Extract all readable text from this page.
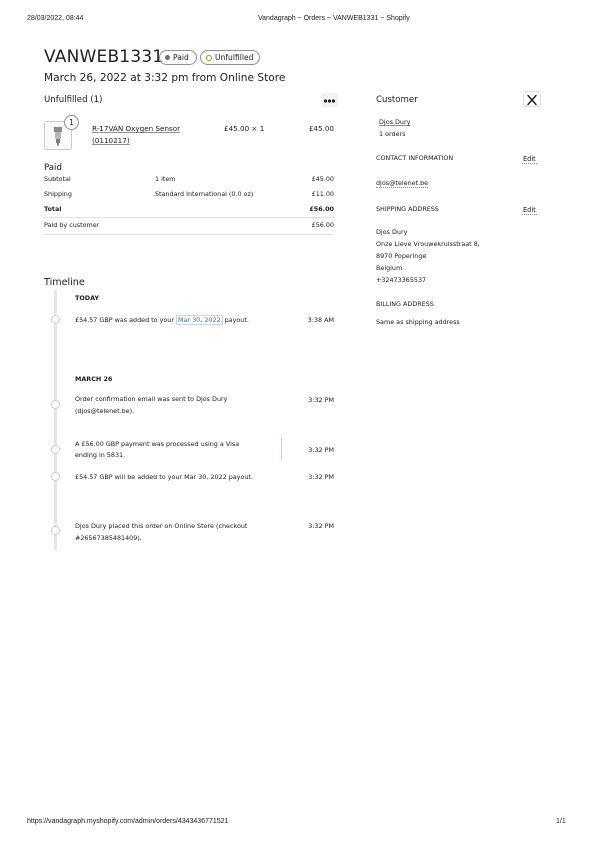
28/03/2022, 08:44	Vandagraph ~ Orders ~ VANWEB1331 ~ Shopify
VANWEB1331 Paid	Unfulfilled
March 26, 2022 at 3:32 pm from Online Store
Unfulfilled (1)
1
R-17VAN Oxygen Sensor
(0110217)
£45.00 × 1	£45.00
Paid
Subtotal	1 item	£45.00
Shipping	Standard International (0.0 oz)	£11.00
Total	£56.00
Paid by customer	£56.00
Timeline
TODAY
£54.57 GBP was added to your Mar 30, 2022 payout.	3:38 AM
MARCH 26
Order confirmation email was sent to Djos Dury
(djos@telenet.be).
3:32 PM
A £56.00 GBP payment was processed using a Visa
ending in 5831.
3:32 PM
£54.57 GBP will be added to your Mar 30, 2022 payout.	3:32 PM
Djos Dury placed this order on Online Store (checkout
#26567385481409).
3:32 PM
Customer
Djos Dury
1 orders
CONTACT INFORMATION	Edit
djos@telenet.be
SHIPPING ADDRESS	Edit
Djos Dury
Onze Lieve Vrouwekruisstraat 8,
8970 Poperinge
Belgium
+32473365537
BILLING ADDRESS
Same as shipping address
https://vandagraph.myshopify.com/admin/orders/4343436771521	1/1
